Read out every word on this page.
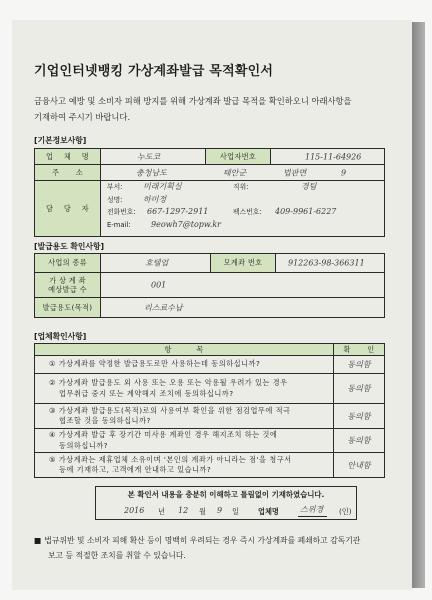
기업인터넷뱅킹 가상계좌발급 목적확인서
금융사고 예방 및 소비자 피해 방지를 위해 가상계좌 발급 목적을 확인하오니 아래사항을
기재하여 주시기 바랍니다.
[기본정보사항]
업 체 명	누도코	사업자번호	115-11-64926
주 소	충청남도	태안군	법판면	9
담 당 자
부서:	미래기획실	직위:	경팀
성명:	하미정
전화번호: 667-1297-2911	팩스번호: 409-9961-6227
E-mail:	9eowh7@topw.kr
[발급용도 확인사항]
사업의 종류	호텔업	모계좌 번호	912263-98-366311
가 상 계 좌
예상발급 수	001
발급용도(목적)	리스료수납
[업체확인사항]
항 목	확 인
① 가상계좌를 약정한 발급용도로만 사용하는데 동의하십니까?	동의함
② 가상계좌 발급용도 외 사용 또는 오용 또는 악용될 우려가 있는 경우
업무취급 중지 또는 계약해지 조치에 동의하십니까?	동의함
③ 가상계좌 발급용도(목적)로의 사용여부 확인을 위한 점검업무에 적극
협조할 것을 동의하십니까?	동의함
④ 가상계좌 발급 후 장기간 미사용 계좌인 경우 해지조치 하는 것에
동의하십니까?	동의함
⑤ 가상계좌는 제휴업체 소유이며 '본인의 계좌가 아니라는 점'을 청구서
등에 기재하고, 고객에게 안내하고 있습니까?	안내함
본 확인서 내용을 충분히 이해하고 틀림없이 기재하였습니다.
2016 년 12 월 9 일	업체명	스위경	(인)
■ 법규위반 및 소비자 피해 확산 등이 명백히 우려되는 경우 즉시 가상계좌를 폐쇄하고 감독기관
보고 등 적절한 조치를 취할 수 있습니다.
